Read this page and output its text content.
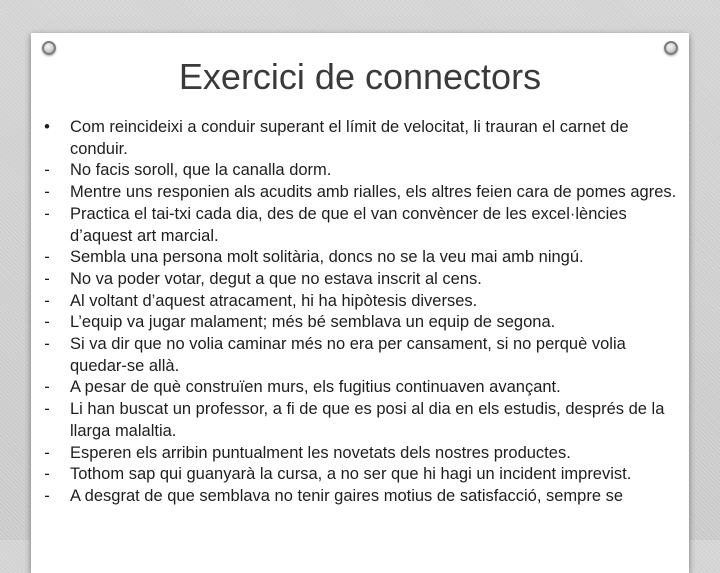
Exercici de connectors
• Com reincideixi a conduir superant el límit de velocitat, li trauran el carnet de conduir.
- No facis soroll, que la canalla dorm.
- Mentre uns responien als acudits amb rialles, els altres feien cara de pomes agres.
- Practica el tai-txi cada dia, des de que el van convèncer de les excel·lències d’aquest art marcial.
- Sembla una persona molt solitària, doncs no se la veu mai amb ningú.
- No va poder votar, degut a que no estava inscrit al cens.
- Al voltant d’aquest atracament, hi ha hipòtesis diverses.
- L’equip va jugar malament; més bé semblava un equip de segona.
- Si va dir que no volia caminar més no era per cansament, si no perquè volia quedar-se allà.
- A pesar de què construïen murs, els fugitius continuaven avançant.
- Li han buscat un professor, a fi de que es posi al dia en els estudis, després de la llarga malaltia.
- Esperen els arribin puntualment les novetats dels nostres productes.
- Tothom sap qui guanyarà la cursa, a no ser que hi hagi un incident imprevist.
- A desgrat de que semblava no tenir gaires motius de satisfacció, sempre se
